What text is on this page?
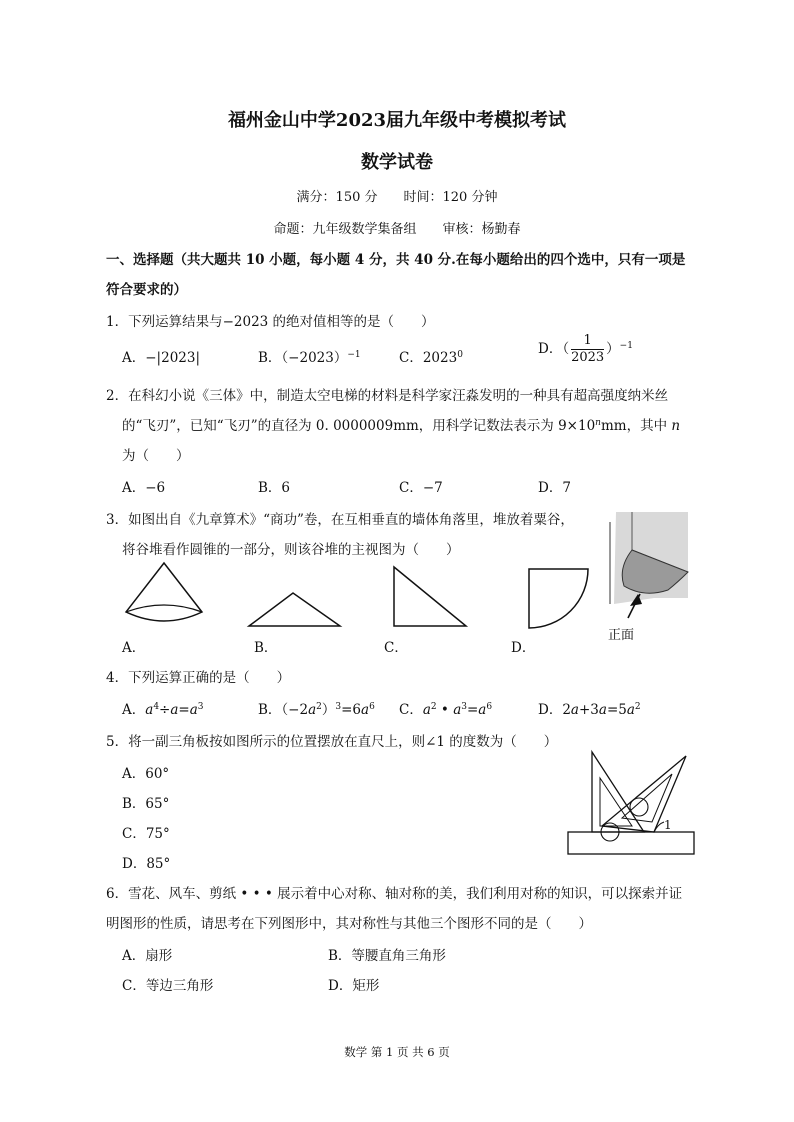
福州金山中学2023届九年级中考模拟考试
数学试卷
满分：150 分　　时间：120 分钟
命题：九年级数学集备组　　审核：杨勤春
一、选择题（共大题共 10 小题，每小题 4 分，共 40 分.在每小题给出的四个选中，只有一项是
符合要求的）
1．下列运算结果与−2023 的绝对值相等的是（　　）
A．−|2023|	B．$(-2023)^{-1}$	C．2023$^0$	D．（ $\frac{1}{2023} )^{-1}$
2．在科幻小说《三体》中，制造太空电梯的材料是科学家汪淼发明的一种具有超高强度纳米丝
的“飞刃”，已知“飞刃”的直径为 0. 0000009mm，用科学记数法表示为 $9\times 10^nmm$，其中 n
为（　　）
A．−6	B．6	C．−7	D．7
3．如图出自《九章算术》“商功”卷，在互相垂直的墙体角落里，堆放着粟谷，
将谷堆看作圆锥的一部分，则该谷堆的主视图为（　　）
A．	B．	C．	D．
正面
4．下列运算正确的是（　　）
A．$a^4\div a=a^3$	B．$(-2a^2)^3=6a^6$ C．$a^2$ • $a^3=a^6$	D．$2a+3a=5a^2$
5．将一副三角板按如图所示的位置摆放在直尺上，则∠1 的度数为（　　）
A．60°
B．65°
C．75°
D．85°
1
6．雪花、风车、剪纸 • • • 展示着中心对称、轴对称的美，我们利用对称的知识，可以探索并证
明图形的性质，请思考在下列图形中，其对称性与其他三个图形不同的是（　　）
A．扇形	B．等腰直角三角形
C．等边三角形	D．矩形
数学 第 1 页 共 6 页
